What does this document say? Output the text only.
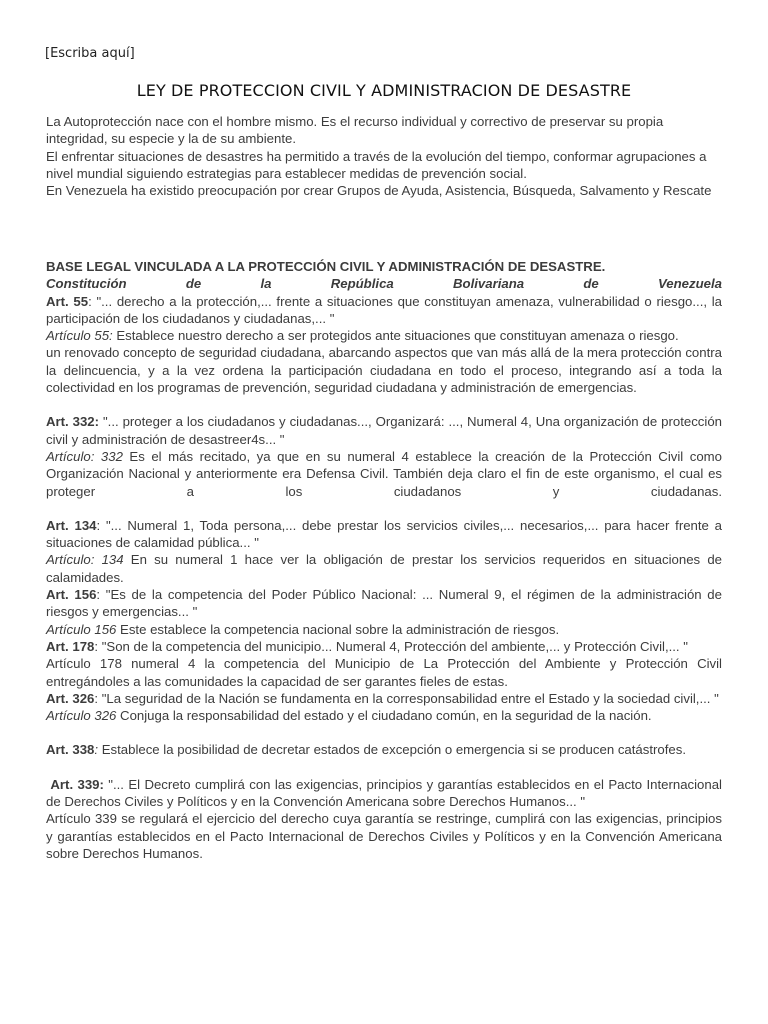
[Escriba aquí]
LEY DE PROTECCION CIVIL Y ADMINISTRACION DE DESASTRE

La Autoprotección nace con el hombre mismo. Es el recurso individual y correctivo de preservar su propia integridad, su especie y la de su ambiente.

El enfrentar situaciones de desastres ha permitido a través de la evolución del tiempo, conformar agrupaciones a nivel mundial siguiendo estrategias para establecer medidas de prevención social.

En Venezuela ha existido preocupación por crear Grupos de Ayuda, Asistencia, Búsqueda, Salvamento y Rescate

BASE LEGAL VINCULADA A LA PROTECCIÓN CIVIL Y ADMINISTRACIÓN DE DESASTRE.

Constitución de la República Bolivariana de Venezuela

Art. 55: "... derecho a la protección,... frente a situaciones que constituyan amenaza, vulnerabilidad o riesgo..., la participación de los ciudadanos y ciudadanas,... "

Artículo 55: Establece nuestro derecho a ser protegidos ante situaciones que constituyan amenaza o riesgo.

un renovado concepto de seguridad ciudadana, abarcando aspectos que van más allá de la mera protección contra la delincuencia, y a la vez ordena la participación ciudadana en todo el proceso, integrando así a toda la colectividad en los programas de prevención, seguridad ciudadana y administración de emergencias.

Art. 332: "... proteger a los ciudadanos y ciudadanas..., Organizará: ..., Numeral 4, Una organización de protección civil y administración de desastreer4s... "

Artículo: 332 Es el más recitado, ya que en su numeral 4 establece la creación de la Protección Civil como Organización Nacional y anteriormente era Defensa Civil. También deja claro el fin de este organismo, el cual es proteger a los ciudadanos y ciudadanas.

Art. 134: "... Numeral 1, Toda persona,... debe prestar los servicios civiles,... necesarios,... para hacer frente a situaciones de calamidad pública... "

Artículo: 134 En su numeral 1 hace ver la obligación de prestar los servicios requeridos en situaciones de calamidades.

Art. 156: "Es de la competencia del Poder Público Nacional: ... Numeral 9, el régimen de la administración de riesgos y emergencias... "

Artículo 156 Este establece la competencia nacional sobre la administración de riesgos.

Art. 178: "Son de la competencia del municipio... Numeral 4, Protección del ambiente,... y Protección Civil,... "

Artículo 178 numeral 4 la competencia del Municipio de La Protección del Ambiente y Protección Civil entregándoles a las comunidades la capacidad de ser garantes fieles de estas.

Art. 326: "La seguridad de la Nación se fundamenta en la corresponsabilidad entre el Estado y la sociedad civil,... "

Artículo 326 Conjuga la responsabilidad del estado y el ciudadano común, en la seguridad de la nación.

Art. 338: Establece la posibilidad de decretar estados de excepción o emergencia si se producen catástrofes.

Art. 339: "... El Decreto cumplirá con las exigencias, principios y garantías establecidos en el Pacto Internacional de Derechos Civiles y Políticos y en la Convención Americana sobre Derechos Humanos... "

Artículo 339 se regulará el ejercicio del derecho cuya garantía se restringe, cumplirá con las exigencias, principios y garantías establecidos en el Pacto Internacional de Derechos Civiles y Políticos y en la Convención Americana sobre Derechos Humanos.
